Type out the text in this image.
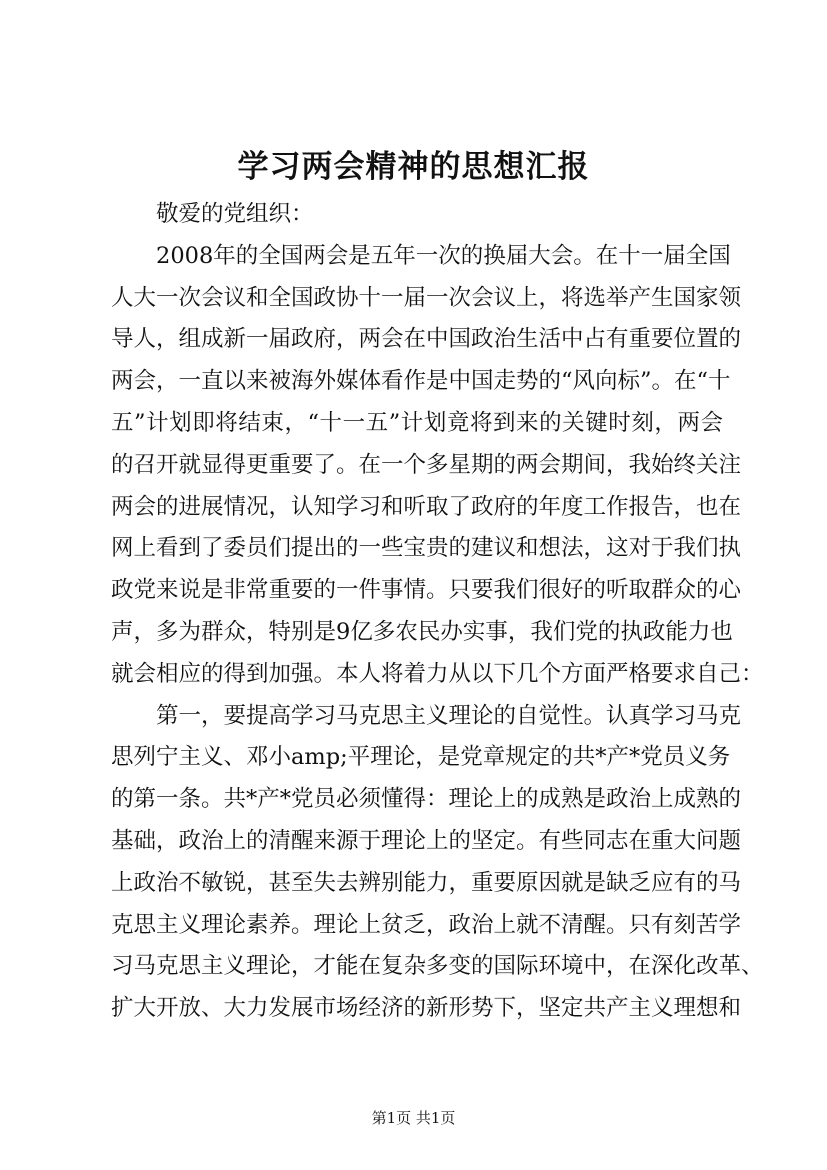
学习两会精神的思想汇报
敬爱的党组织：
2008年的全国两会是五年一次的换届大会。在十一届全国
人大一次会议和全国政协十一届一次会议上，将选举产生国家领
导人，组成新一届政府，两会在中国政治生活中占有重要位置的
两会，一直以来被海外媒体看作是中国走势的“风向标”。在“十
五”计划即将结束，“十一五”计划竟将到来的关键时刻，两会
的召开就显得更重要了。在一个多星期的两会期间，我始终关注
两会的进展情况，认知学习和听取了政府的年度工作报告，也在
网上看到了委员们提出的一些宝贵的建议和想法，这对于我们执
政党来说是非常重要的一件事情。只要我们很好的听取群众的心
声，多为群众，特别是9亿多农民办实事，我们党的执政能力也
就会相应的得到加强。本人将着力从以下几个方面严格要求自己：
第一，要提高学习马克思主义理论的自觉性。认真学习马克
思列宁主义、邓小amp;平理论，是党章规定的共*产*党员义务
的第一条。共*产*党员必须懂得：理论上的成熟是政治上成熟的
基础，政治上的清醒来源于理论上的坚定。有些同志在重大问题
上政治不敏锐，甚至失去辨别能力，重要原因就是缺乏应有的马
克思主义理论素养。理论上贫乏，政治上就不清醒。只有刻苦学
习马克思主义理论，才能在复杂多变的国际环境中，在深化改革、
扩大开放、大力发展市场经济的新形势下，坚定共产主义理想和
第1页 共1页
